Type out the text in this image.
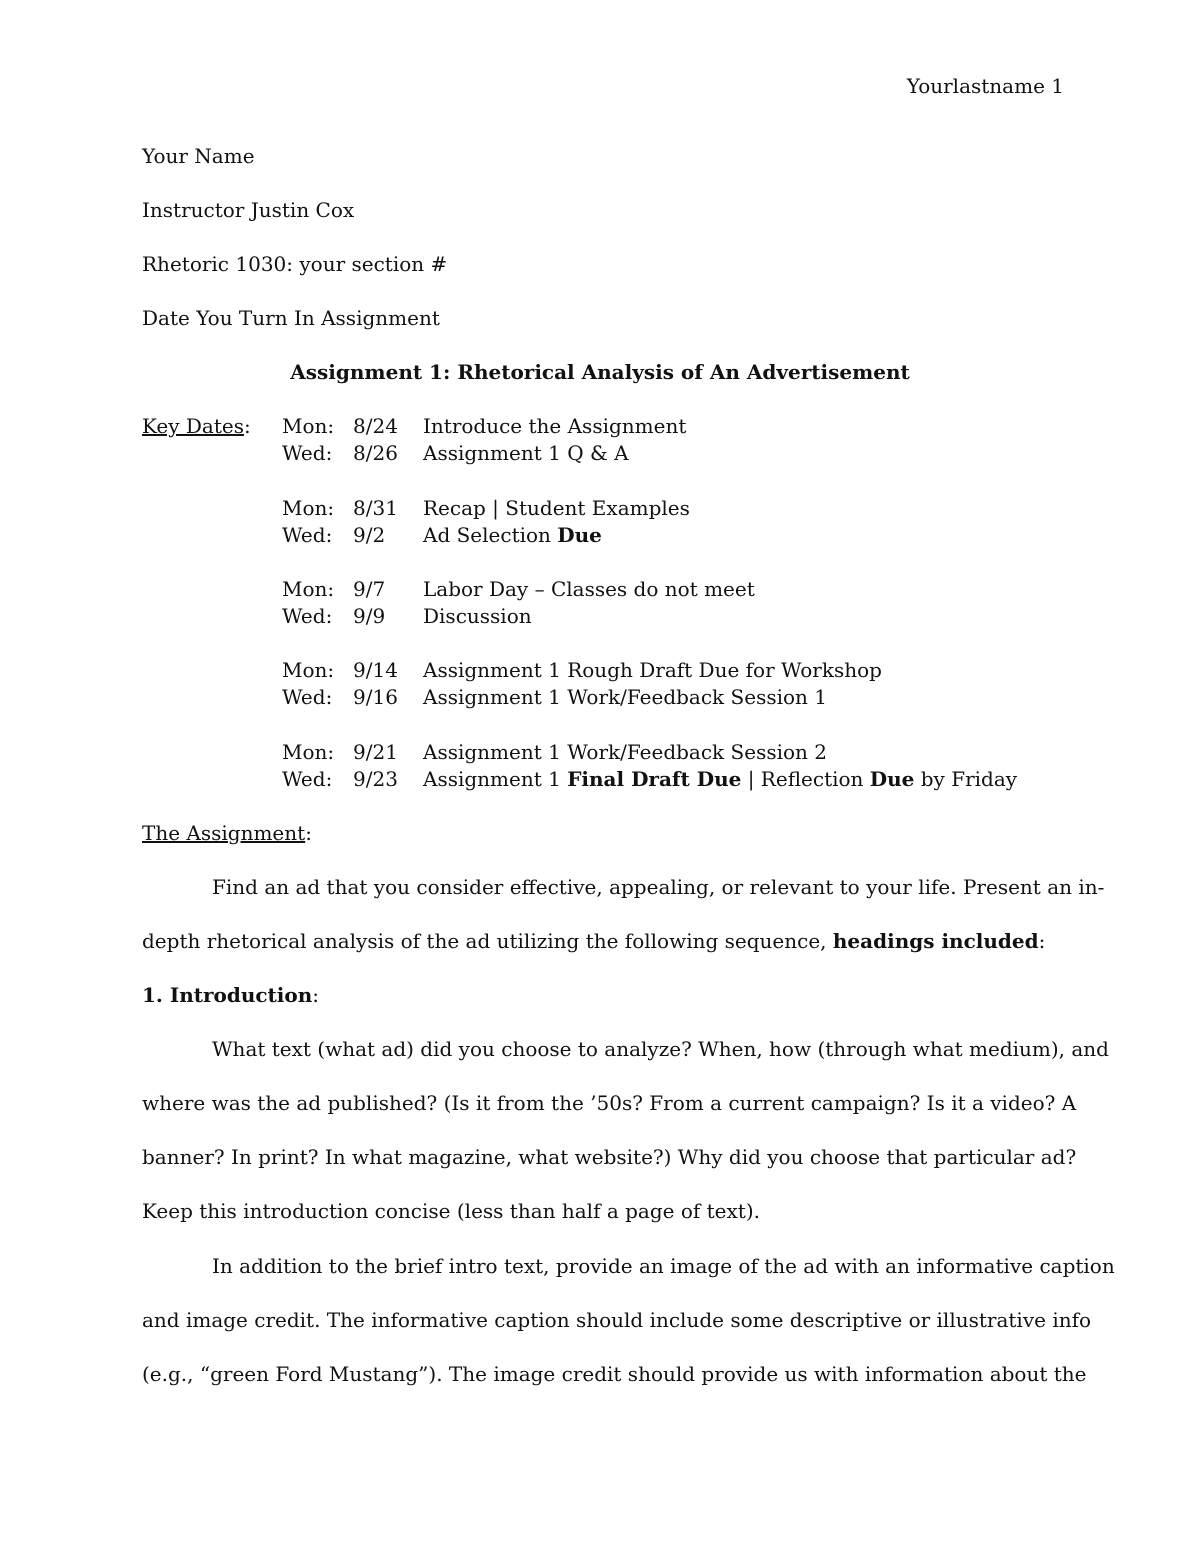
Yourlastname 1
Your Name
Instructor Justin Cox
Rhetoric 1030: your section #
Date You Turn In Assignment
Assignment 1: Rhetorical Analysis of An Advertisement
Key Dates: Mon: 8/24 Introduce the Assignment
Wed: 8/26 Assignment 1 Q & A
Mon: 8/31 Recap | Student Examples
Wed: 9/2 Ad Selection Due
Mon: 9/7 Labor Day – Classes do not meet
Wed: 9/9 Discussion
Mon: 9/14 Assignment 1 Rough Draft Due for Workshop
Wed: 9/16 Assignment 1 Work/Feedback Session 1
Mon: 9/21 Assignment 1 Work/Feedback Session 2
Wed: 9/23 Assignment 1 Final Draft Due | Reflection Due by Friday
The Assignment:
Find an ad that you consider effective, appealing, or relevant to your life. Present an in-
depth rhetorical analysis of the ad utilizing the following sequence, headings included:
1. Introduction:
What text (what ad) did you choose to analyze? When, how (through what medium), and
where was the ad published? (Is it from the ’50s? From a current campaign? Is it a video? A
banner? In print? In what magazine, what website?) Why did you choose that particular ad?
Keep this introduction concise (less than half a page of text).
In addition to the brief intro text, provide an image of the ad with an informative caption
and image credit. The informative caption should include some descriptive or illustrative info
(e.g., “green Ford Mustang”). The image credit should provide us with information about the
